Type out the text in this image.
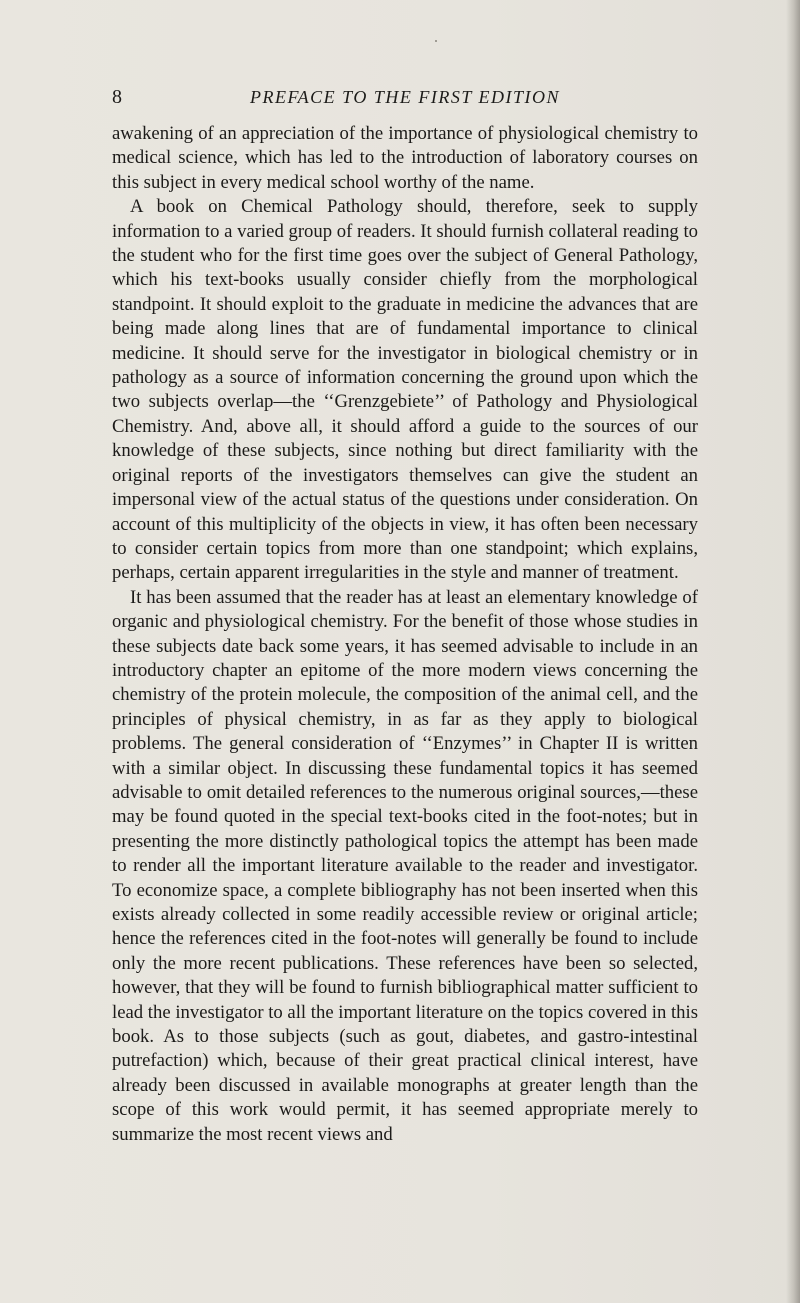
8	PREFACE TO THE FIRST EDITION

awakening of an appreciation of the importance of physiological chemistry to medical science, which has led to the introduction of laboratory courses on this subject in every medical school worthy of the name.

A book on Chemical Pathology should, therefore, seek to supply information to a varied group of readers. It should furnish collateral reading to the student who for the first time goes over the subject of General Pathology, which his text-books usually consider chiefly from the morphological standpoint. It should exploit to the graduate in medicine the advances that are being made along lines that are of fundamental importance to clinical medicine. It should serve for the investigator in biological chemistry or in pathology as a source of information concerning the ground upon which the two subjects overlap—the ‘‘Grenzgebiete’’ of Pathology and Physiological Chemistry. And, above all, it should afford a guide to the sources of our knowledge of these subjects, since nothing but direct familiarity with the original reports of the investigators themselves can give the student an impersonal view of the actual status of the questions under consideration. On account of this multiplicity of the objects in view, it has often been necessary to consider certain topics from more than one standpoint; which explains, perhaps, certain apparent irregularities in the style and manner of treatment.

It has been assumed that the reader has at least an elementary knowledge of organic and physiological chemistry. For the benefit of those whose studies in these subjects date back some years, it has seemed advisable to include in an introductory chapter an epitome of the more modern views concerning the chemistry of the protein molecule, the composition of the animal cell, and the principles of physical chemistry, in as far as they apply to biological problems. The general consideration of ‘‘Enzymes’’ in Chapter II is written with a similar object. In discussing these fundamental topics it has seemed advisable to omit detailed references to the numerous original sources,—these may be found quoted in the special text-books cited in the foot-notes; but in presenting the more distinctly pathological topics the attempt has been made to render all the important literature available to the reader and investigator. To economize space, a complete bibliography has not been inserted when this exists already collected in some readily accessible review or original article; hence the references cited in the foot-notes will generally be found to include only the more recent publications. These references have been so selected, however, that they will be found to furnish bibliographical matter sufficient to lead the investigator to all the important literature on the topics covered in this book. As to those subjects (such as gout, diabetes, and gastro-intestinal putrefaction) which, because of their great practical clinical interest, have already been discussed in available monographs at greater length than the scope of this work would permit, it has seemed appropriate merely to summarize the most recent views and
